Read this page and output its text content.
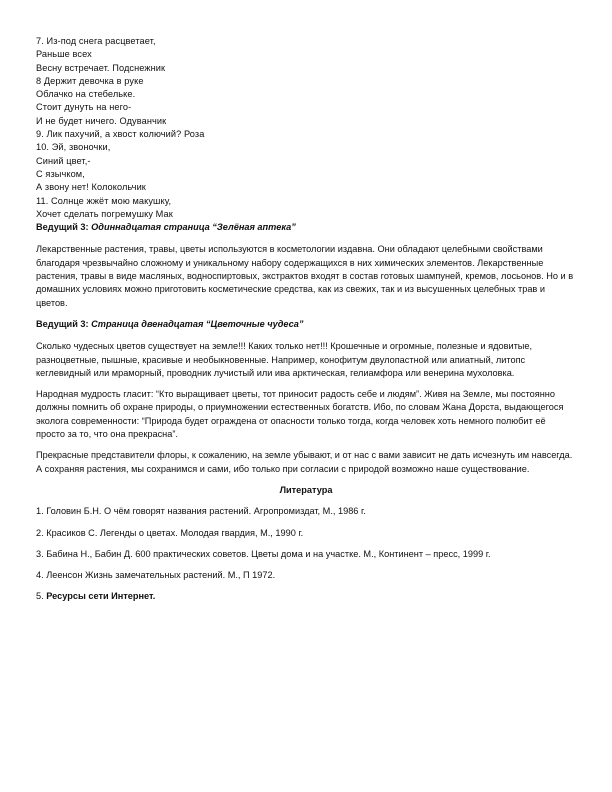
7. Из-под снега расцветает,
Раньше всех
Весну встречает. Подснежник
8 Держит девочка в руке
Облачко на стебельке.
Стоит дунуть на него-
И не будет ничего. Одуванчик
9. Лик пахучий, а хвост колючий? Роза
10. Эй, звоночки,
Синий цвет,-
С язычком,
А звону нет! Колокольчик
11. Солнце жжёт мою макушку,
Хочет сделать погремушку Мак
Ведущий 3: Одиннадцатая страница “Зелёная аптека”

Лекарственные растения, травы, цветы используются в косметологии издавна. Они обладают целебными свойствами благодаря чрезвычайно сложному и уникальному набору содержащихся в них химических элементов. Лекарственные растения, травы в виде масляных, водноспиртовых, экстрактов входят в состав готовых шампуней, кремов, лосьонов. Но и в домашних условиях можно приготовить косметические средства, как из свежих, так и из высушенных целебных трав и цветов.

Ведущий 3: Страница двенадцатая “Цветочные чудеса”

Сколько чудесных цветов существует на земле!!! Каких только нет!!! Крошечные и огромные, полезные и ядовитые, разноцветные, пышные, красивые и необыкновенные. Например, конофитум двулопастной или апиатный, литопс кеглевидный или мраморный, проводник лучистый или ива арктическая, гелиамфора или венерина мухоловка.

Народная мудрость гласит: “Кто выращивает цветы, тот приносит радость себе и людям”. Живя на Земле, мы постоянно должны помнить об охране природы, о приумножении естественных богатств. Ибо, по словам Жана Дорста, выдающегося эколога современности: “Природа будет ограждена от опасности только тогда, когда человек хоть немного полюбит её просто за то, что она прекрасна”.

Прекрасные представители флоры, к сожалению, на земле убывают, и от нас с вами зависит не дать исчезнуть им навсегда. А сохраняя растения, мы сохранимся и сами, ибо только при согласии с природой возможно наше существование.

Литература
1. Головин Б.Н. О чём говорят названия растений. Агропромиздат, М., 1986 г.
2. Красиков С. Легенды о цветах. Молодая гвардия, М., 1990 г.
3. Бабина Н., Бабин Д. 600 практических советов. Цветы дома и на участке. М., Континент – пресс, 1999 г.
4. Леенсон Жизнь замечательных растений. М., П 1972.
5. Ресурсы сети Интернет.
